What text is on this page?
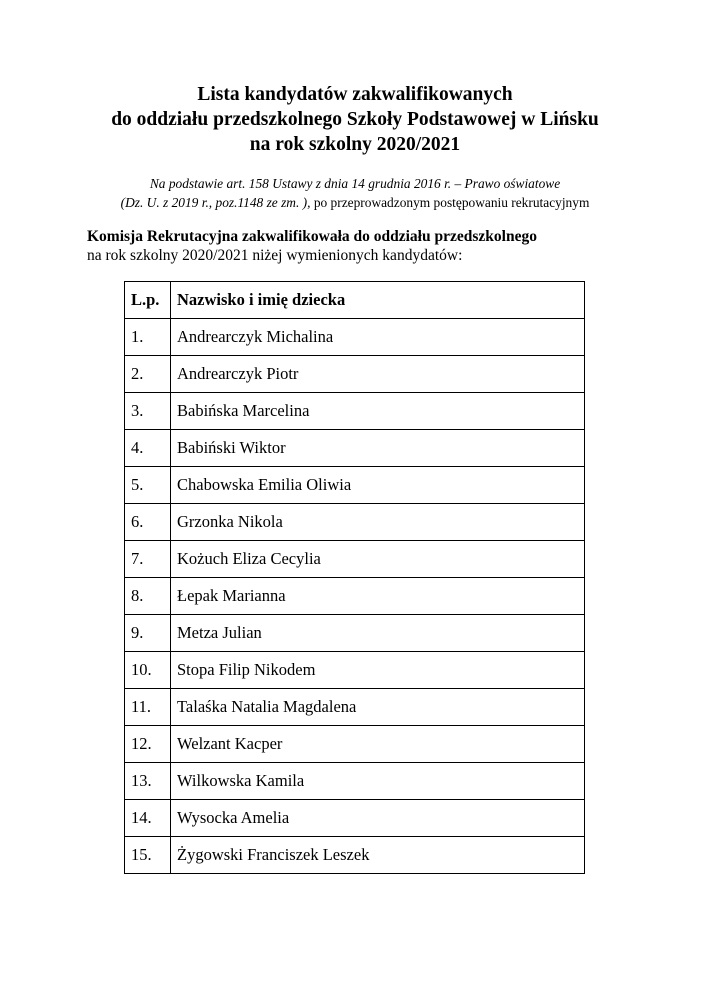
Lista kandydatów zakwalifikowanych
do oddziału przedszkolnego Szkoły Podstawowej w Lińsku
na rok szkolny 2020/2021
Na podstawie art. 158 Ustawy z dnia 14 grudnia 2016 r. – Prawo oświatowe
(Dz. U. z 2019 r., poz.1148 ze zm. ), po przeprowadzonym postępowaniu rekrutacyjnym
Komisja Rekrutacyjna zakwalifikowała do oddziału przedszkolnego
na rok szkolny 2020/2021 niżej wymienionych kandydatów:
L.p.	Nazwisko i imię dziecka
1.	Andrearczyk Michalina
2.	Andrearczyk Piotr
3.	Babińska Marcelina
4.	Babiński Wiktor
5.	Chabowska Emilia Oliwia
6.	Grzonka Nikola
7.	Kożuch Eliza Cecylia
8.	Łepak Marianna
9.	Metza Julian
10.	Stopa Filip Nikodem
11.	Talaśka Natalia Magdalena
12.	Welzant Kacper
13.	Wilkowska Kamila
14.	Wysocka Amelia
15.	Żygowski Franciszek Leszek
